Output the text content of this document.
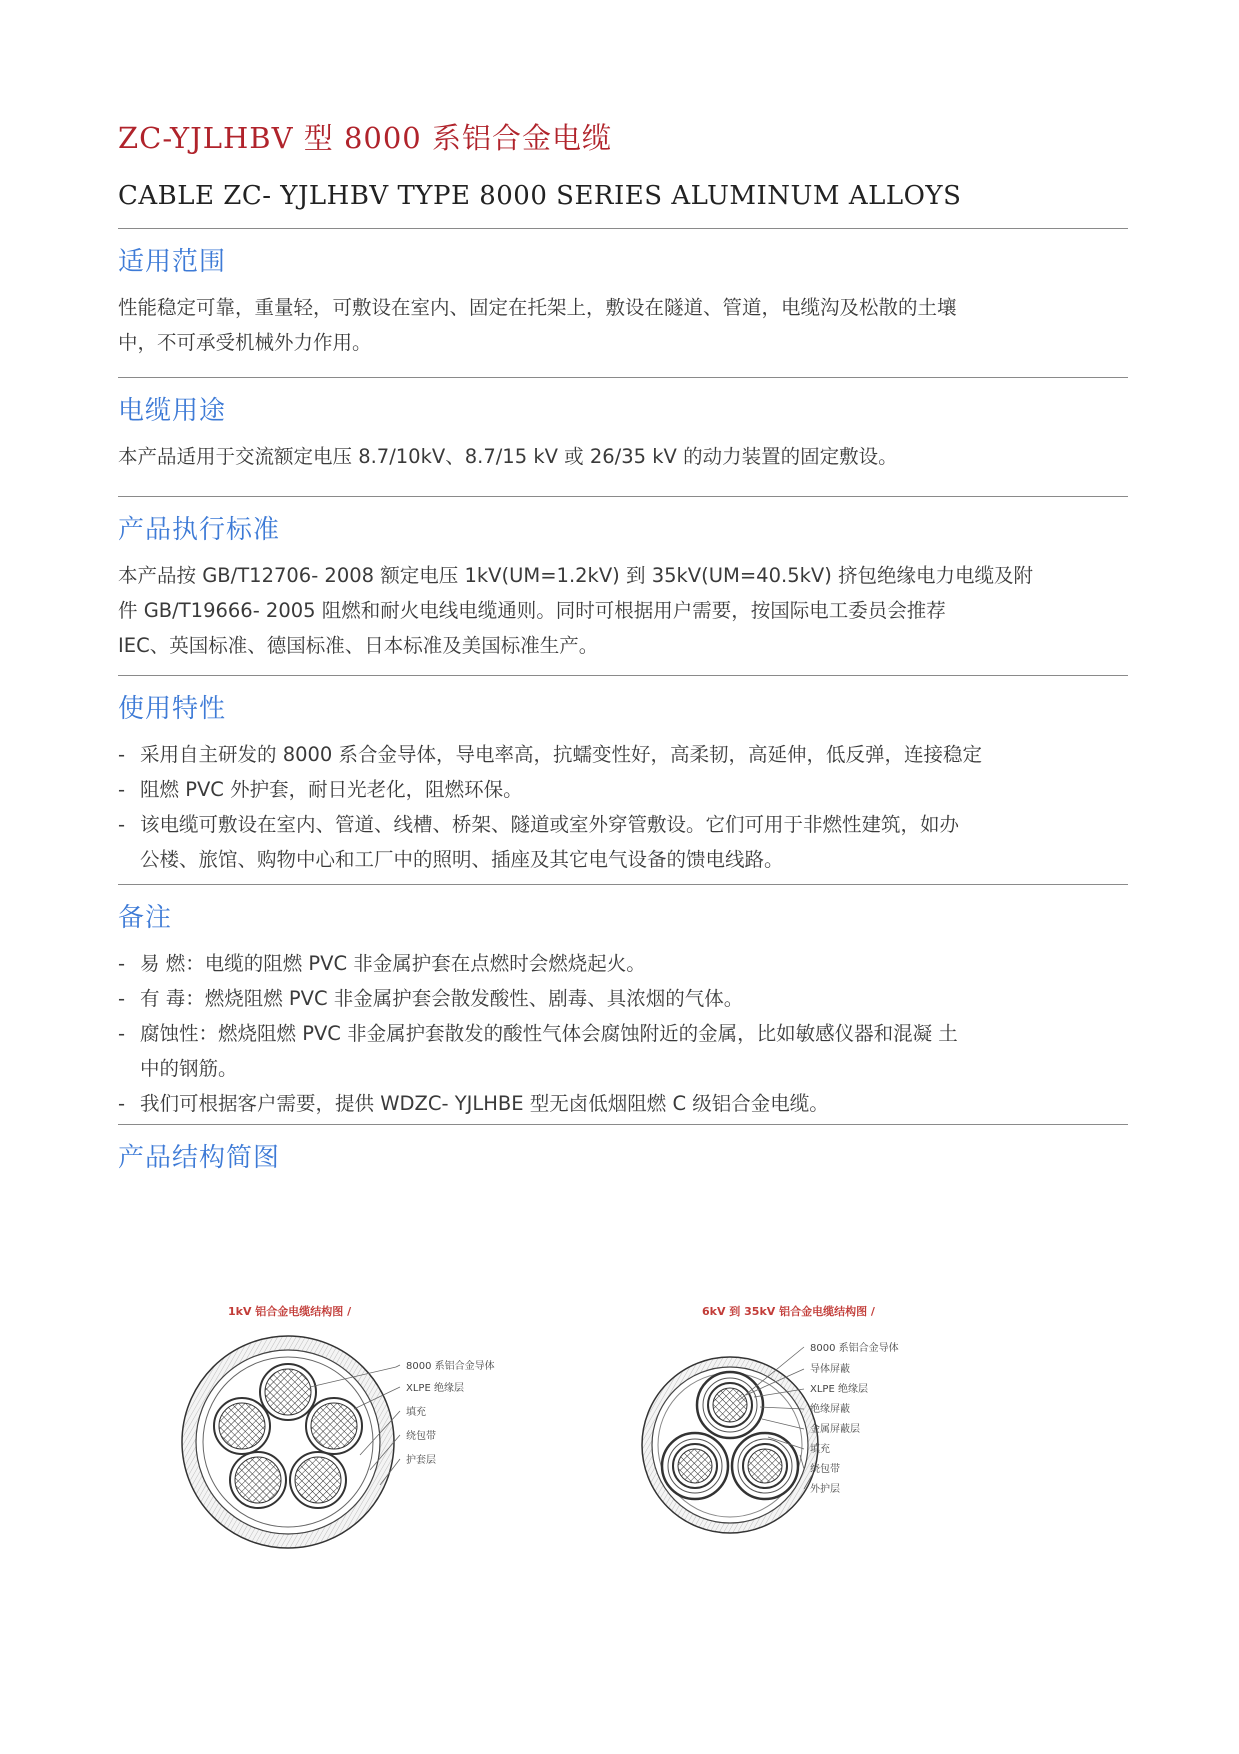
ZC-YJLHBV 型 8000 系铝合金电缆
CABLE ZC- YJLHBV TYPE 8000 SERIES ALUMINUM ALLOYS
适用范围

性能稳定可靠，重量轻，可敷设在室内、固定在托架上，敷设在隧道、管道，电缆沟及松散的土壤

中，不可承受机械外力作用。

电缆用途

本产品适用于交流额定电压 8.7/10kV、8.7/15 kV 或 26/35 kV 的动力装置的固定敷设。

产品执行标准

本产品按 GB/T12706- 2008 额定电压 1kV(UM=1.2kV) 到 35kV(UM=40.5kV) 挤包绝缘电力电缆及附

件 GB/T19666- 2005 阻燃和耐火电线电缆通则。同时可根据用户需要，按国际电工委员会推荐

IEC、英国标准、德国标准、日本标准及美国标准生产。

使用特性
- 采用自主研发的 8000 系合金导体，导电率高，抗蠕变性好，高柔韧，高延伸，低反弹，连接稳定
- 阻燃 PVC 外护套，耐日光老化，阻燃环保。
- 该电缆可敷设在室内、管道、线槽、桥架、隧道或室外穿管敷设。它们可用于非燃性建筑，如办
公楼、旅馆、购物中心和工厂中的照明、插座及其它电气设备的馈电线路。
备注
- 易 燃：电缆的阻燃 PVC 非金属护套在点燃时会燃烧起火。
- 有 毒：燃烧阻燃 PVC 非金属护套会散发酸性、剧毒、具浓烟的气体。
- 腐蚀性：燃烧阻燃 PVC 非金属护套散发的酸性气体会腐蚀附近的金属，比如敏感仪器和混凝 土
中的钢筋。
- 我们可根据客户需要，提供 WDZC- YJLHBE 型无卤低烟阻燃 C 级铝合金电缆。
产品结构简图
1kV 铝合金电缆结构图 /	6kV 到 35kV 铝合金电缆结构图 /
8000 系铝合金导体
XLPE 绝缘层
填充
绕包带
护套层
8000 系铝合金导体
导体屏蔽
XLPE 绝缘层
绝缘屏蔽
金属屏蔽层
填充
绕包带
外护层
